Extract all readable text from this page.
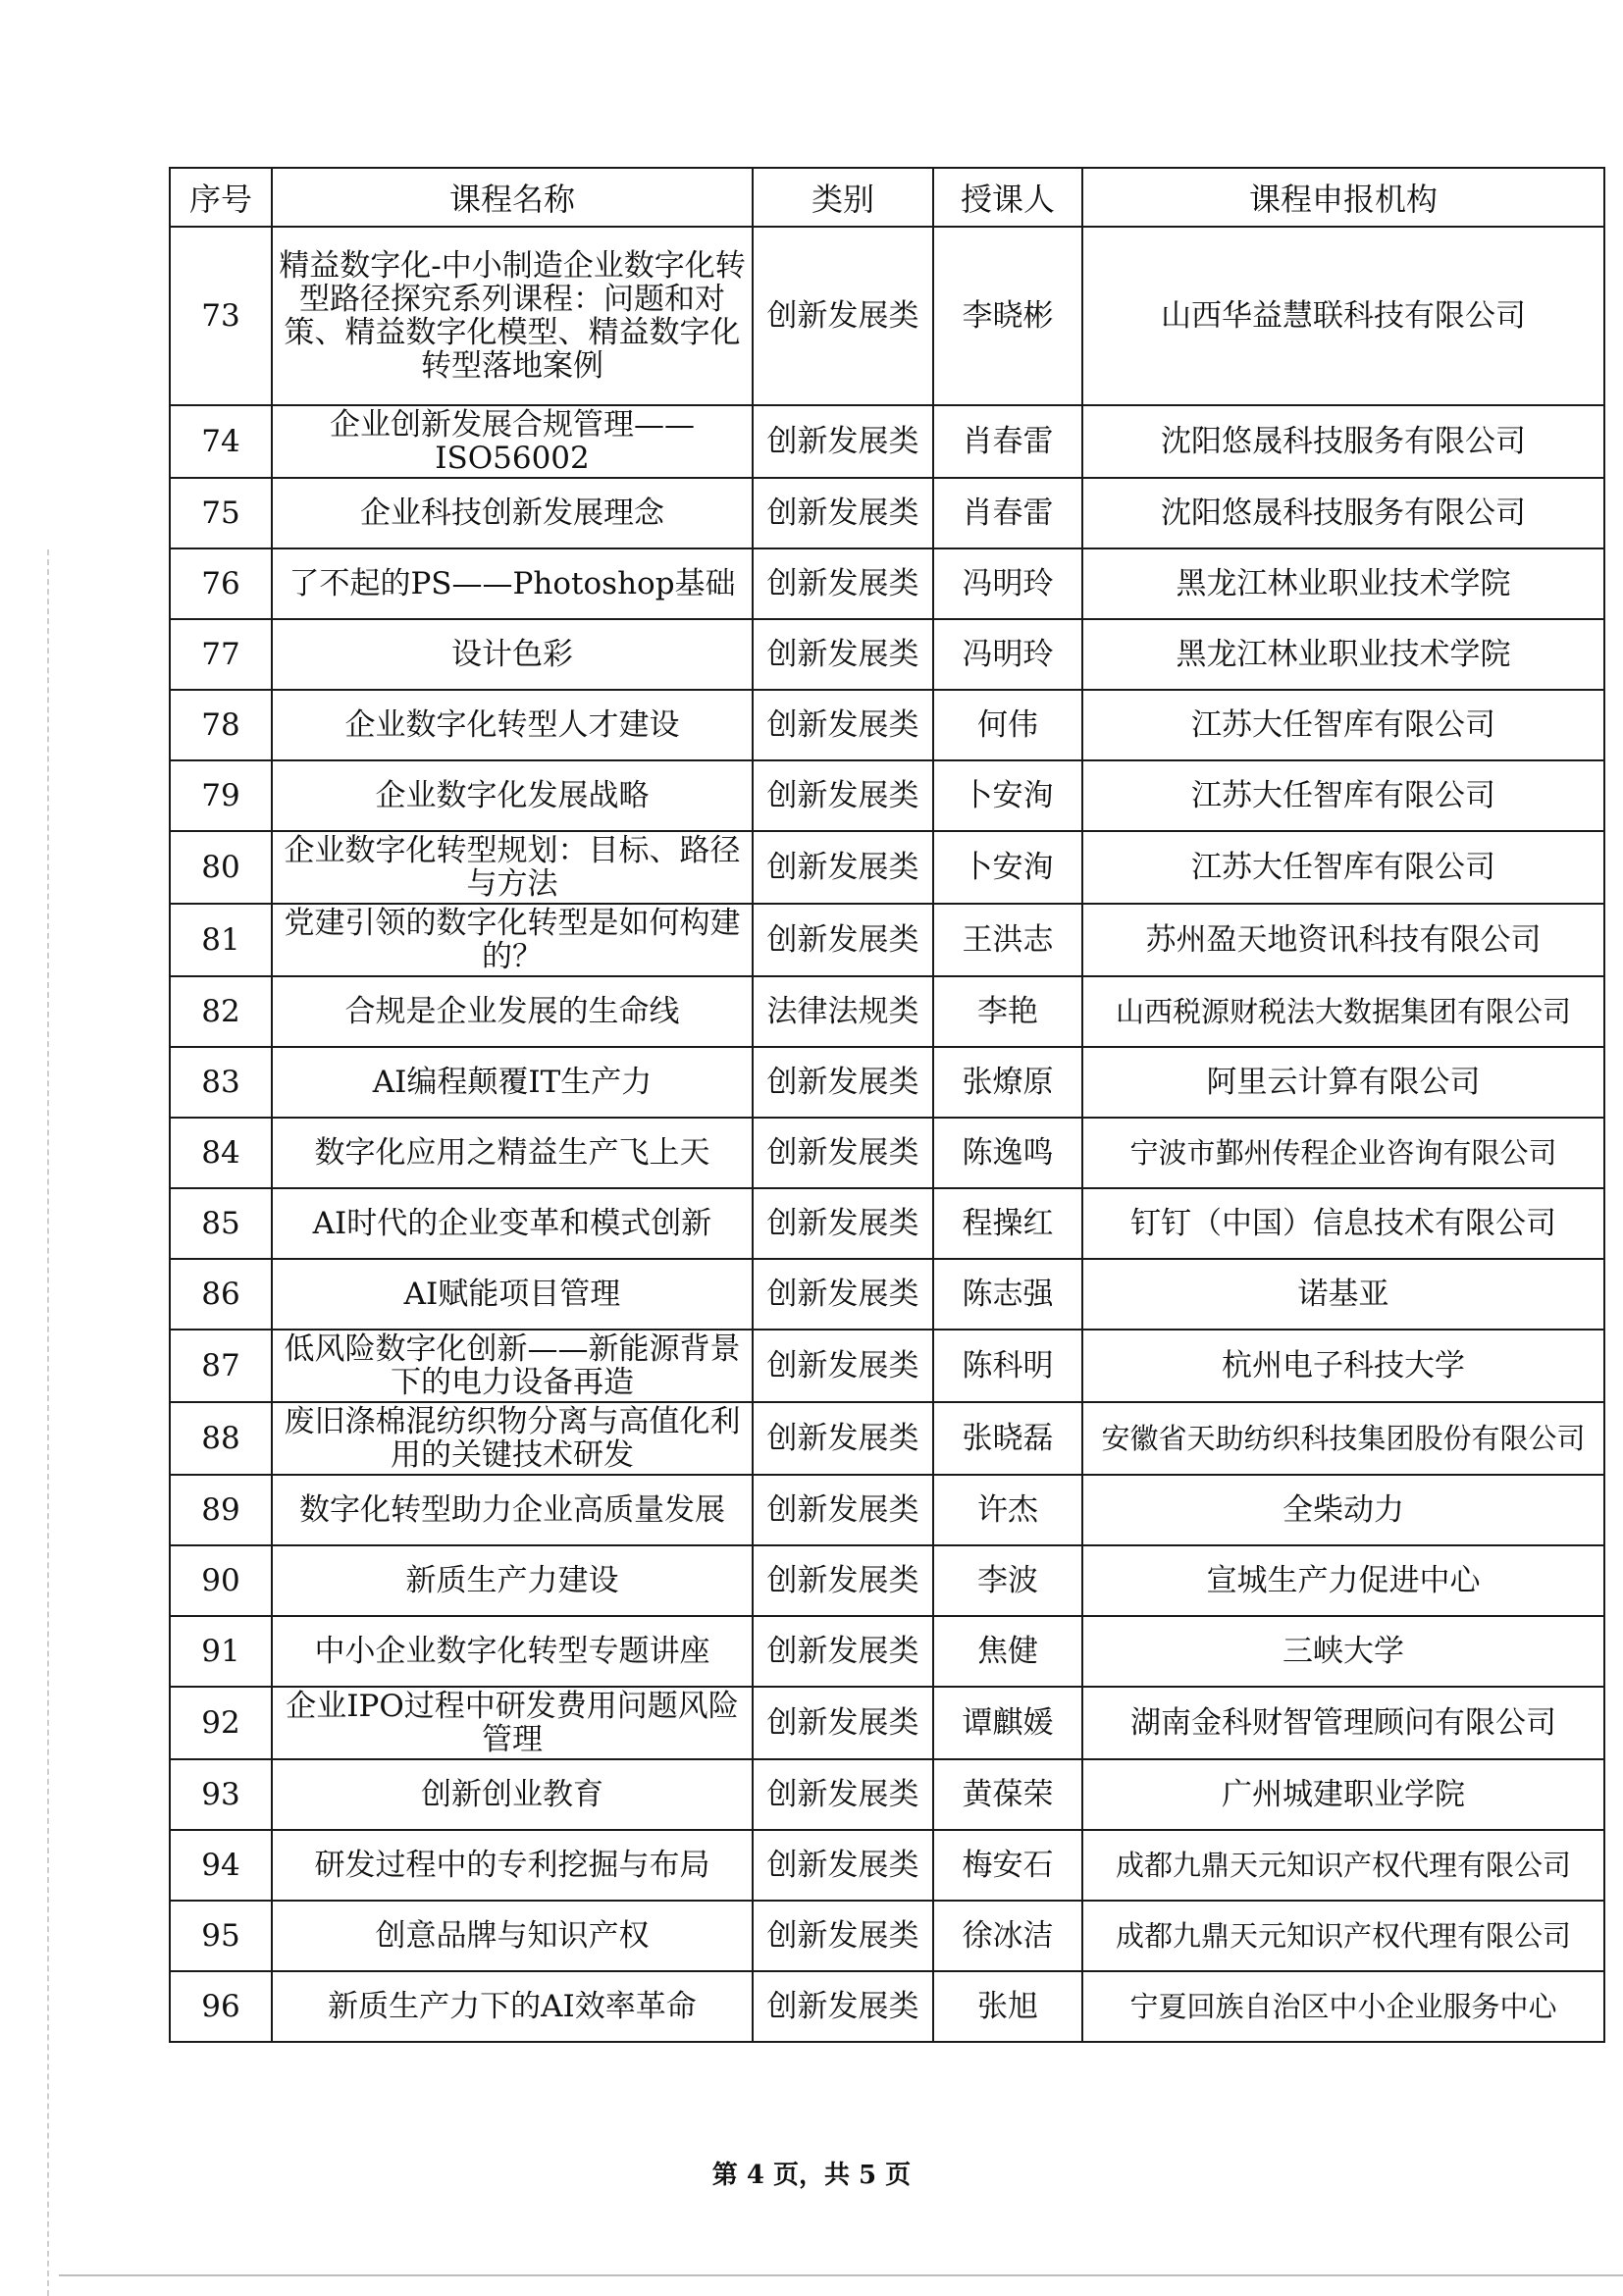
序号	课程名称	类别	授课人	课程申报机构
73	精益数字化-中小制造企业数字化转型路径探究系列课程：问题和对策、精益数字化模型、精益数字化转型落地案例	创新发展类	李晓彬	山西华益慧联科技有限公司
74	企业创新发展合规管理——ISO56002	创新发展类	肖春雷	沈阳悠晟科技服务有限公司
75	企业科技创新发展理念	创新发展类	肖春雷	沈阳悠晟科技服务有限公司
76	了不起的PS——Photoshop基础	创新发展类	冯明玲	黑龙江林业职业技术学院
77	设计色彩	创新发展类	冯明玲	黑龙江林业职业技术学院
78	企业数字化转型人才建设	创新发展类	何伟	江苏大任智库有限公司
79	企业数字化发展战略	创新发展类	卜安洵	江苏大任智库有限公司
80	企业数字化转型规划：目标、路径与方法	创新发展类	卜安洵	江苏大任智库有限公司
81	党建引领的数字化转型是如何构建的？	创新发展类	王洪志	苏州盈天地资讯科技有限公司
82	合规是企业发展的生命线	法律法规类	李艳	山西税源财税法大数据集团有限公司
83	AI编程颠覆IT生产力	创新发展类	张燎原	阿里云计算有限公司
84	数字化应用之精益生产飞上天	创新发展类	陈逸鸣	宁波市鄞州传程企业咨询有限公司
85	AI时代的企业变革和模式创新	创新发展类	程操红	钉钉（中国）信息技术有限公司
86	AI赋能项目管理	创新发展类	陈志强	诺基亚
87	低风险数字化创新——新能源背景下的电力设备再造	创新发展类	陈科明	杭州电子科技大学
88	废旧涤棉混纺织物分离与高值化利用的关键技术研发	创新发展类	张晓磊	安徽省天助纺织科技集团股份有限公司
89	数字化转型助力企业高质量发展	创新发展类	许杰	全柴动力
90	新质生产力建设	创新发展类	李波	宣城生产力促进中心
91	中小企业数字化转型专题讲座	创新发展类	焦健	三峡大学
92	企业IPO过程中研发费用问题风险管理	创新发展类	谭麒媛	湖南金科财智管理顾问有限公司
93	创新创业教育	创新发展类	黄葆荣	广州城建职业学院
94	研发过程中的专利挖掘与布局	创新发展类	梅安石	成都九鼎天元知识产权代理有限公司
95	创意品牌与知识产权	创新发展类	徐冰洁	成都九鼎天元知识产权代理有限公司
96	新质生产力下的AI效率革命	创新发展类	张旭	宁夏回族自治区中小企业服务中心
第 4 页，共 5 页
